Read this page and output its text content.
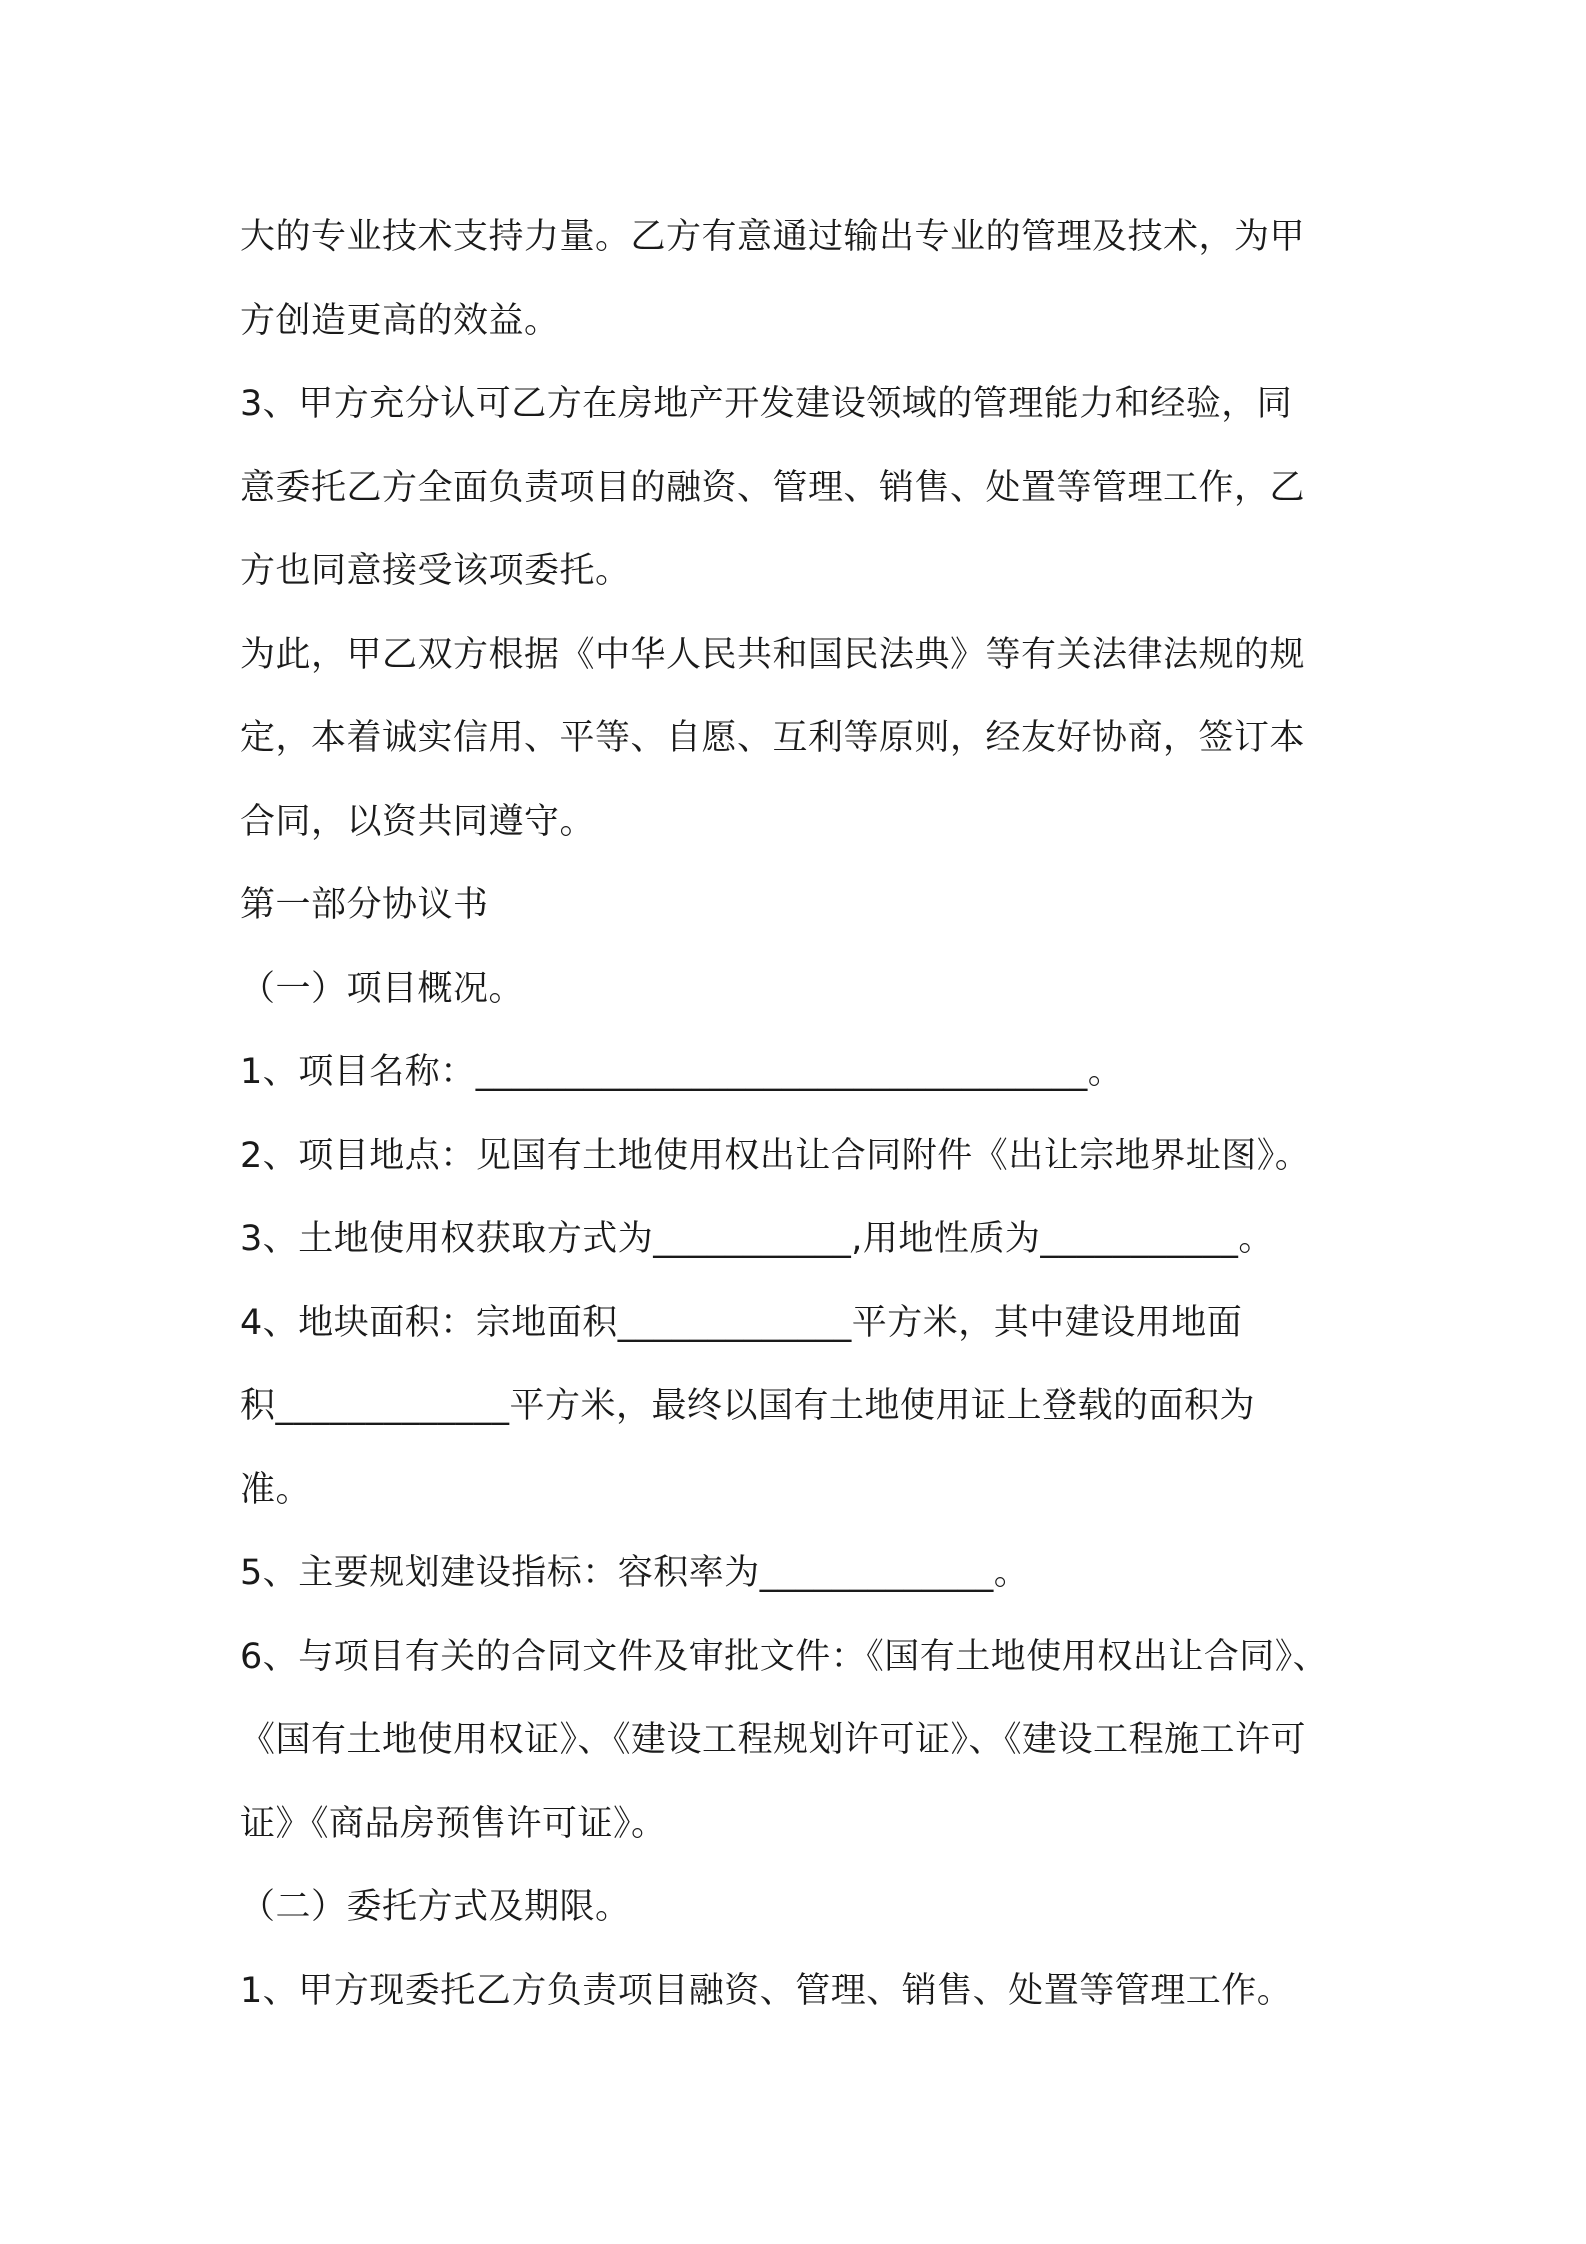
大的专业技术支持力量。乙方有意通过输出专业的管理及技术，为甲
方创造更高的效益。
3、甲方充分认可乙方在房地产开发建设领域的管理能力和经验，同
意委托乙方全面负责项目的融资、管理、销售、处置等管理工作，乙
方也同意接受该项委托。
为此，甲乙双方根据《中华人民共和国民法典》等有关法律法规的规
定，本着诚实信用、平等、自愿、互利等原则，经友好协商，签订本
合同，以资共同遵守。
第一部分协议书
（一）项目概况。
1、项目名称：__________________________________。
2、项目地点：见国有土地使用权出让合同附件《出让宗地界址图》。
3、土地使用权获取方式为___________,用地性质为___________。
4、地块面积：宗地面积_____________平方米，其中建设用地面
积_____________平方米，最终以国有土地使用证上登载的面积为
准。
5、主要规划建设指标：容积率为_____________。
6、与项目有关的合同文件及审批文件：《国有土地使用权出让合同》、
《国有土地使用权证》、《建设工程规划许可证》、《建设工程施工许可
证》《商品房预售许可证》。
（二）委托方式及期限。
1、甲方现委托乙方负责项目融资、管理、销售、处置等管理工作。
